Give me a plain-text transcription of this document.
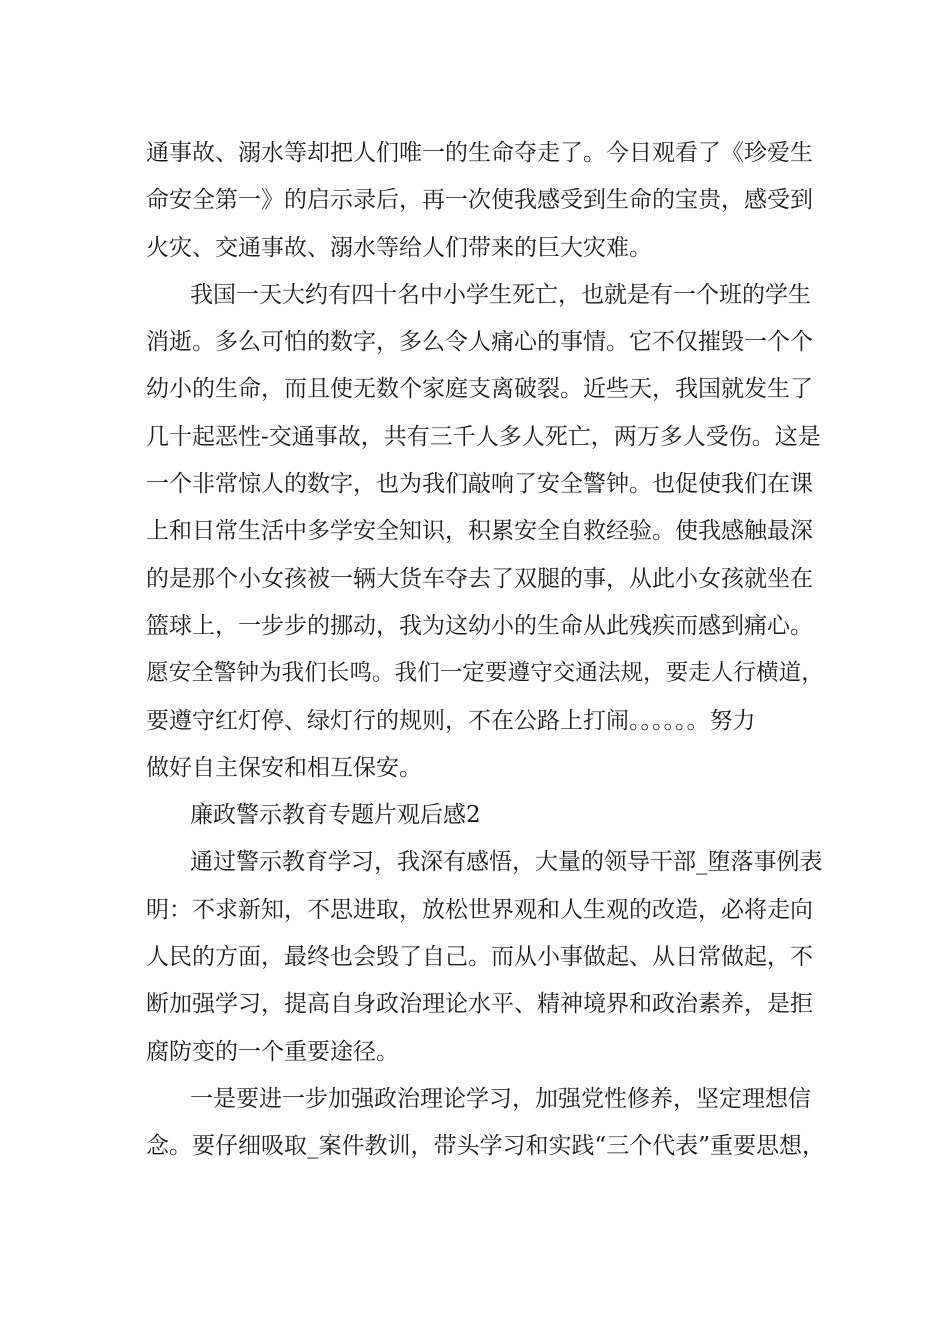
通事故、溺水等却把人们唯一的生命夺走了。今日观看了《珍爱生
命安全第一》的启示录后，再一次使我感受到生命的宝贵，感受到
火灾、交通事故、溺水等给人们带来的巨大灾难。
我国一天大约有四十名中小学生死亡，也就是有一个班的学生
消逝。多么可怕的数字，多么令人痛心的事情。它不仅摧毁一个个
幼小的生命，而且使无数个家庭支离破裂。近些天，我国就发生了
几十起恶性-交通事故，共有三千人多人死亡，两万多人受伤。这是
一个非常惊人的数字，也为我们敲响了安全警钟。也促使我们在课
上和日常生活中多学安全知识，积累安全自救经验。使我感触最深
的是那个小女孩被一辆大货车夺去了双腿的事，从此小女孩就坐在
篮球上，一步步的挪动，我为这幼小的生命从此残疾而感到痛心。
愿安全警钟为我们长鸣。我们一定要遵守交通法规，要走人行横道，
要遵守红灯停、绿灯行的规则，不在公路上打闹。。。。。。努力
做好自主保安和相互保安。
廉政警示教育专题片观后感2
通过警示教育学习，我深有感悟，大量的领导干部_堕落事例表
明：不求新知，不思进取，放松世界观和人生观的改造，必将走向
人民的方面，最终也会毁了自己。而从小事做起、从日常做起，不
断加强学习，提高自身政治理论水平、精神境界和政治素养，是拒
腐防变的一个重要途径。
一是要进一步加强政治理论学习，加强党性修养，坚定理想信
念。要仔细吸取_案件教训，带头学习和实践“三个代表”重要思想，
